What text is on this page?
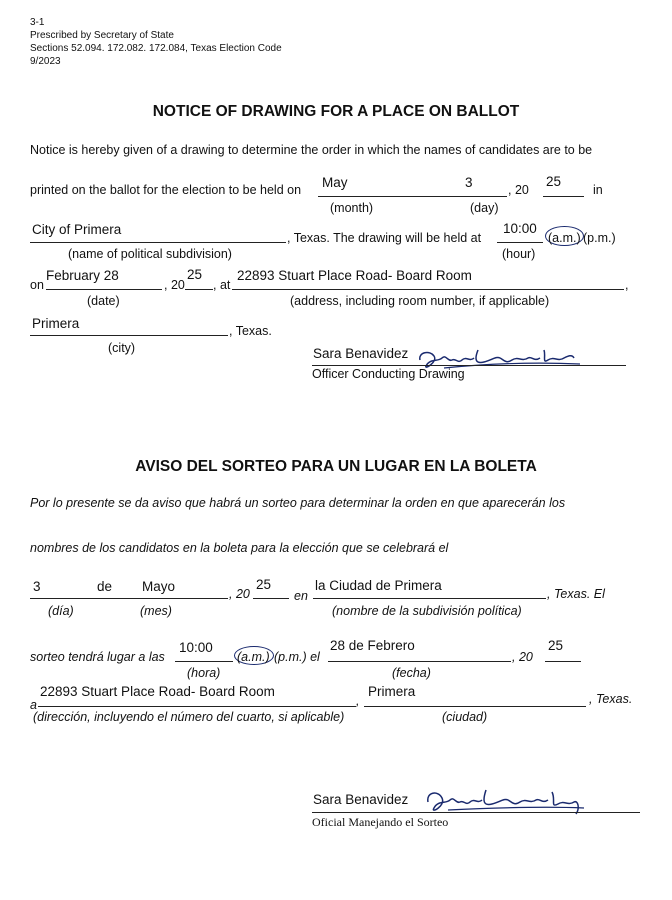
3-1
Prescribed by Secretary of State
Sections 52.094. 172.082. 172.084, Texas Election Code
9/2023
NOTICE OF DRAWING FOR A PLACE ON BALLOT
Notice is hereby given of a drawing to determine the order in which the names of candidates are to be
printed on the ballot for the election to be held on May	3	, 20
25
in
(month)	(day)
City of Primera
, Texas. The drawing will be held at
10:00
(a.m.) (p.m.)
(name of political subdivision)	(hour)
on
February 28
, 20
25
, at
22893 Stuart Place Road- Board Room
,
(date)	(address, including room number, if applicable)
Primera	, Texas.
(city)	Sara Benavidez
Officer Conducting Drawing
AVISO DEL SORTEO PARA UN LUGAR EN LA BOLETA
Por lo presente se da aviso que habrá un sorteo para determinar la orden en que aparecerán los
nombres de los candidatos en la boleta para la elección que se celebrará el
3	de Mayo	, 20
25
en
la Ciudad de Primera
, Texas. El
(día)	(mes)	(nombre de la subdivisión política)
sorteo tendrá lugar a las
10:00
(a.m.) (p.m.) el
28 de Febrero
, 20
25
(hora)	(fecha)
a
22893 Stuart Place Road- Board Room
,
Primera	, Texas.
(dirección, incluyendo el número del cuarto, si aplicable)	(ciudad)
Sara Benavidez
Oficial Manejando el Sorteo
